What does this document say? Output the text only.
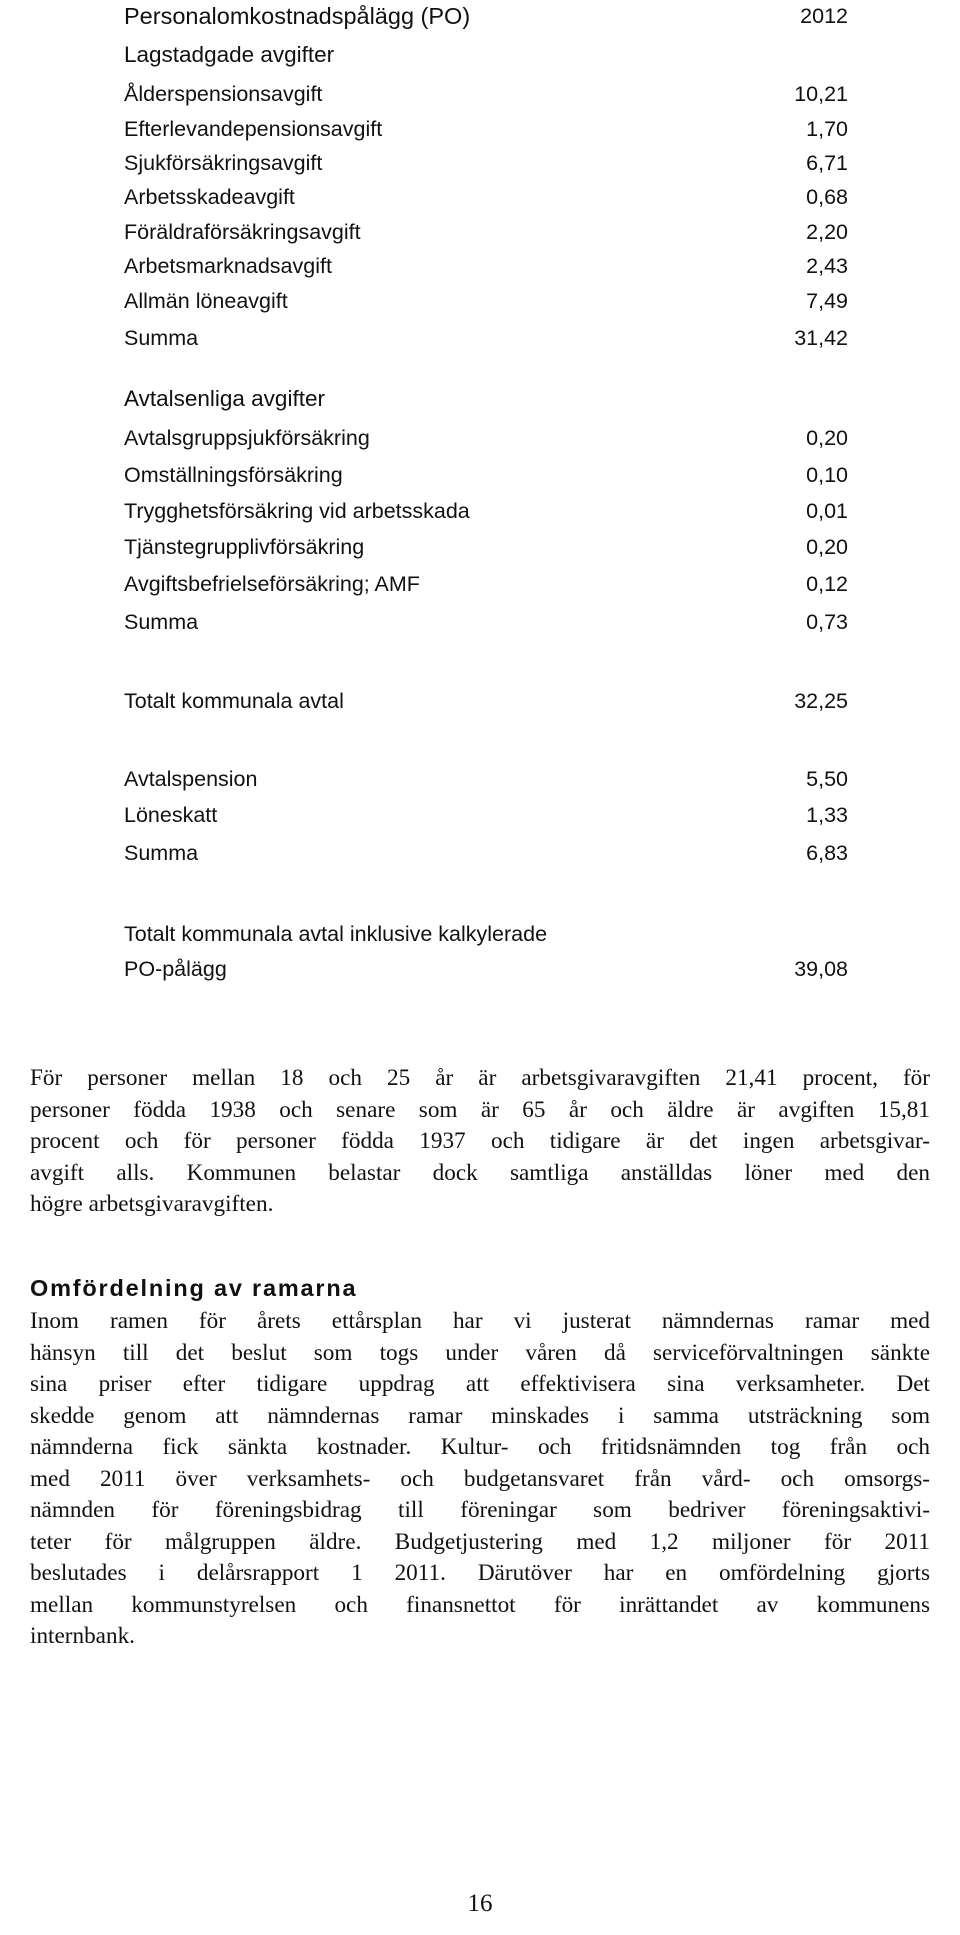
Personalomkostnadspålägg (PO)	2012
Lagstadgade avgifter
Ålderspensionsavgift	10,21
Efterlevandepensionsavgift	1,70
Sjukförsäkringsavgift	6,71
Arbetsskadeavgift	0,68
Föräldraförsäkringsavgift	2,20
Arbetsmarknadsavgift	2,43
Allmän löneavgift	7,49
Summa	31,42
Avtalsenliga avgifter
Avtalsgruppsjukförsäkring	0,20
Omställningsförsäkring	0,10
Trygghetsförsäkring vid arbetsskada	0,01
Tjänstegrupplivförsäkring	0,20
Avgiftsbefrielseförsäkring; AMF	0,12
Summa	0,73
Totalt kommunala avtal	32,25
Avtalspension	5,50
Löneskatt	1,33
Summa	6,83
Totalt kommunala avtal inklusive kalkylerade
PO-pålägg	39,08
För personer mellan 18 och 25 år är arbetsgivaravgiften 21,41 procent, för
personer födda 1938 och senare som är 65 år och äldre är avgiften 15,81
procent och för personer födda 1937 och tidigare är det ingen arbetsgivar-
avgift alls. Kommunen belastar dock samtliga anställdas löner med den
högre arbetsgivaravgiften.
Omfördelning av ramarna
Inom ramen för årets ettårsplan har vi justerat nämndernas ramar med
hänsyn till det beslut som togs under våren då serviceförvaltningen sänkte
sina priser efter tidigare uppdrag att effektivisera sina verksamheter. Det
skedde genom att nämndernas ramar minskades i samma utsträckning som
nämnderna fick sänkta kostnader. Kultur- och fritidsnämnden tog från och
med 2011 över verksamhets- och budgetansvaret från vård- och omsorgs-
nämnden för föreningsbidrag till föreningar som bedriver föreningsaktivi-
teter för målgruppen äldre. Budgetjustering med 1,2 miljoner för 2011
beslutades i delårsrapport 1 2011. Därutöver har en omfördelning gjorts
mellan kommunstyrelsen och finansnettot för inrättandet av kommunens
internbank.
16
